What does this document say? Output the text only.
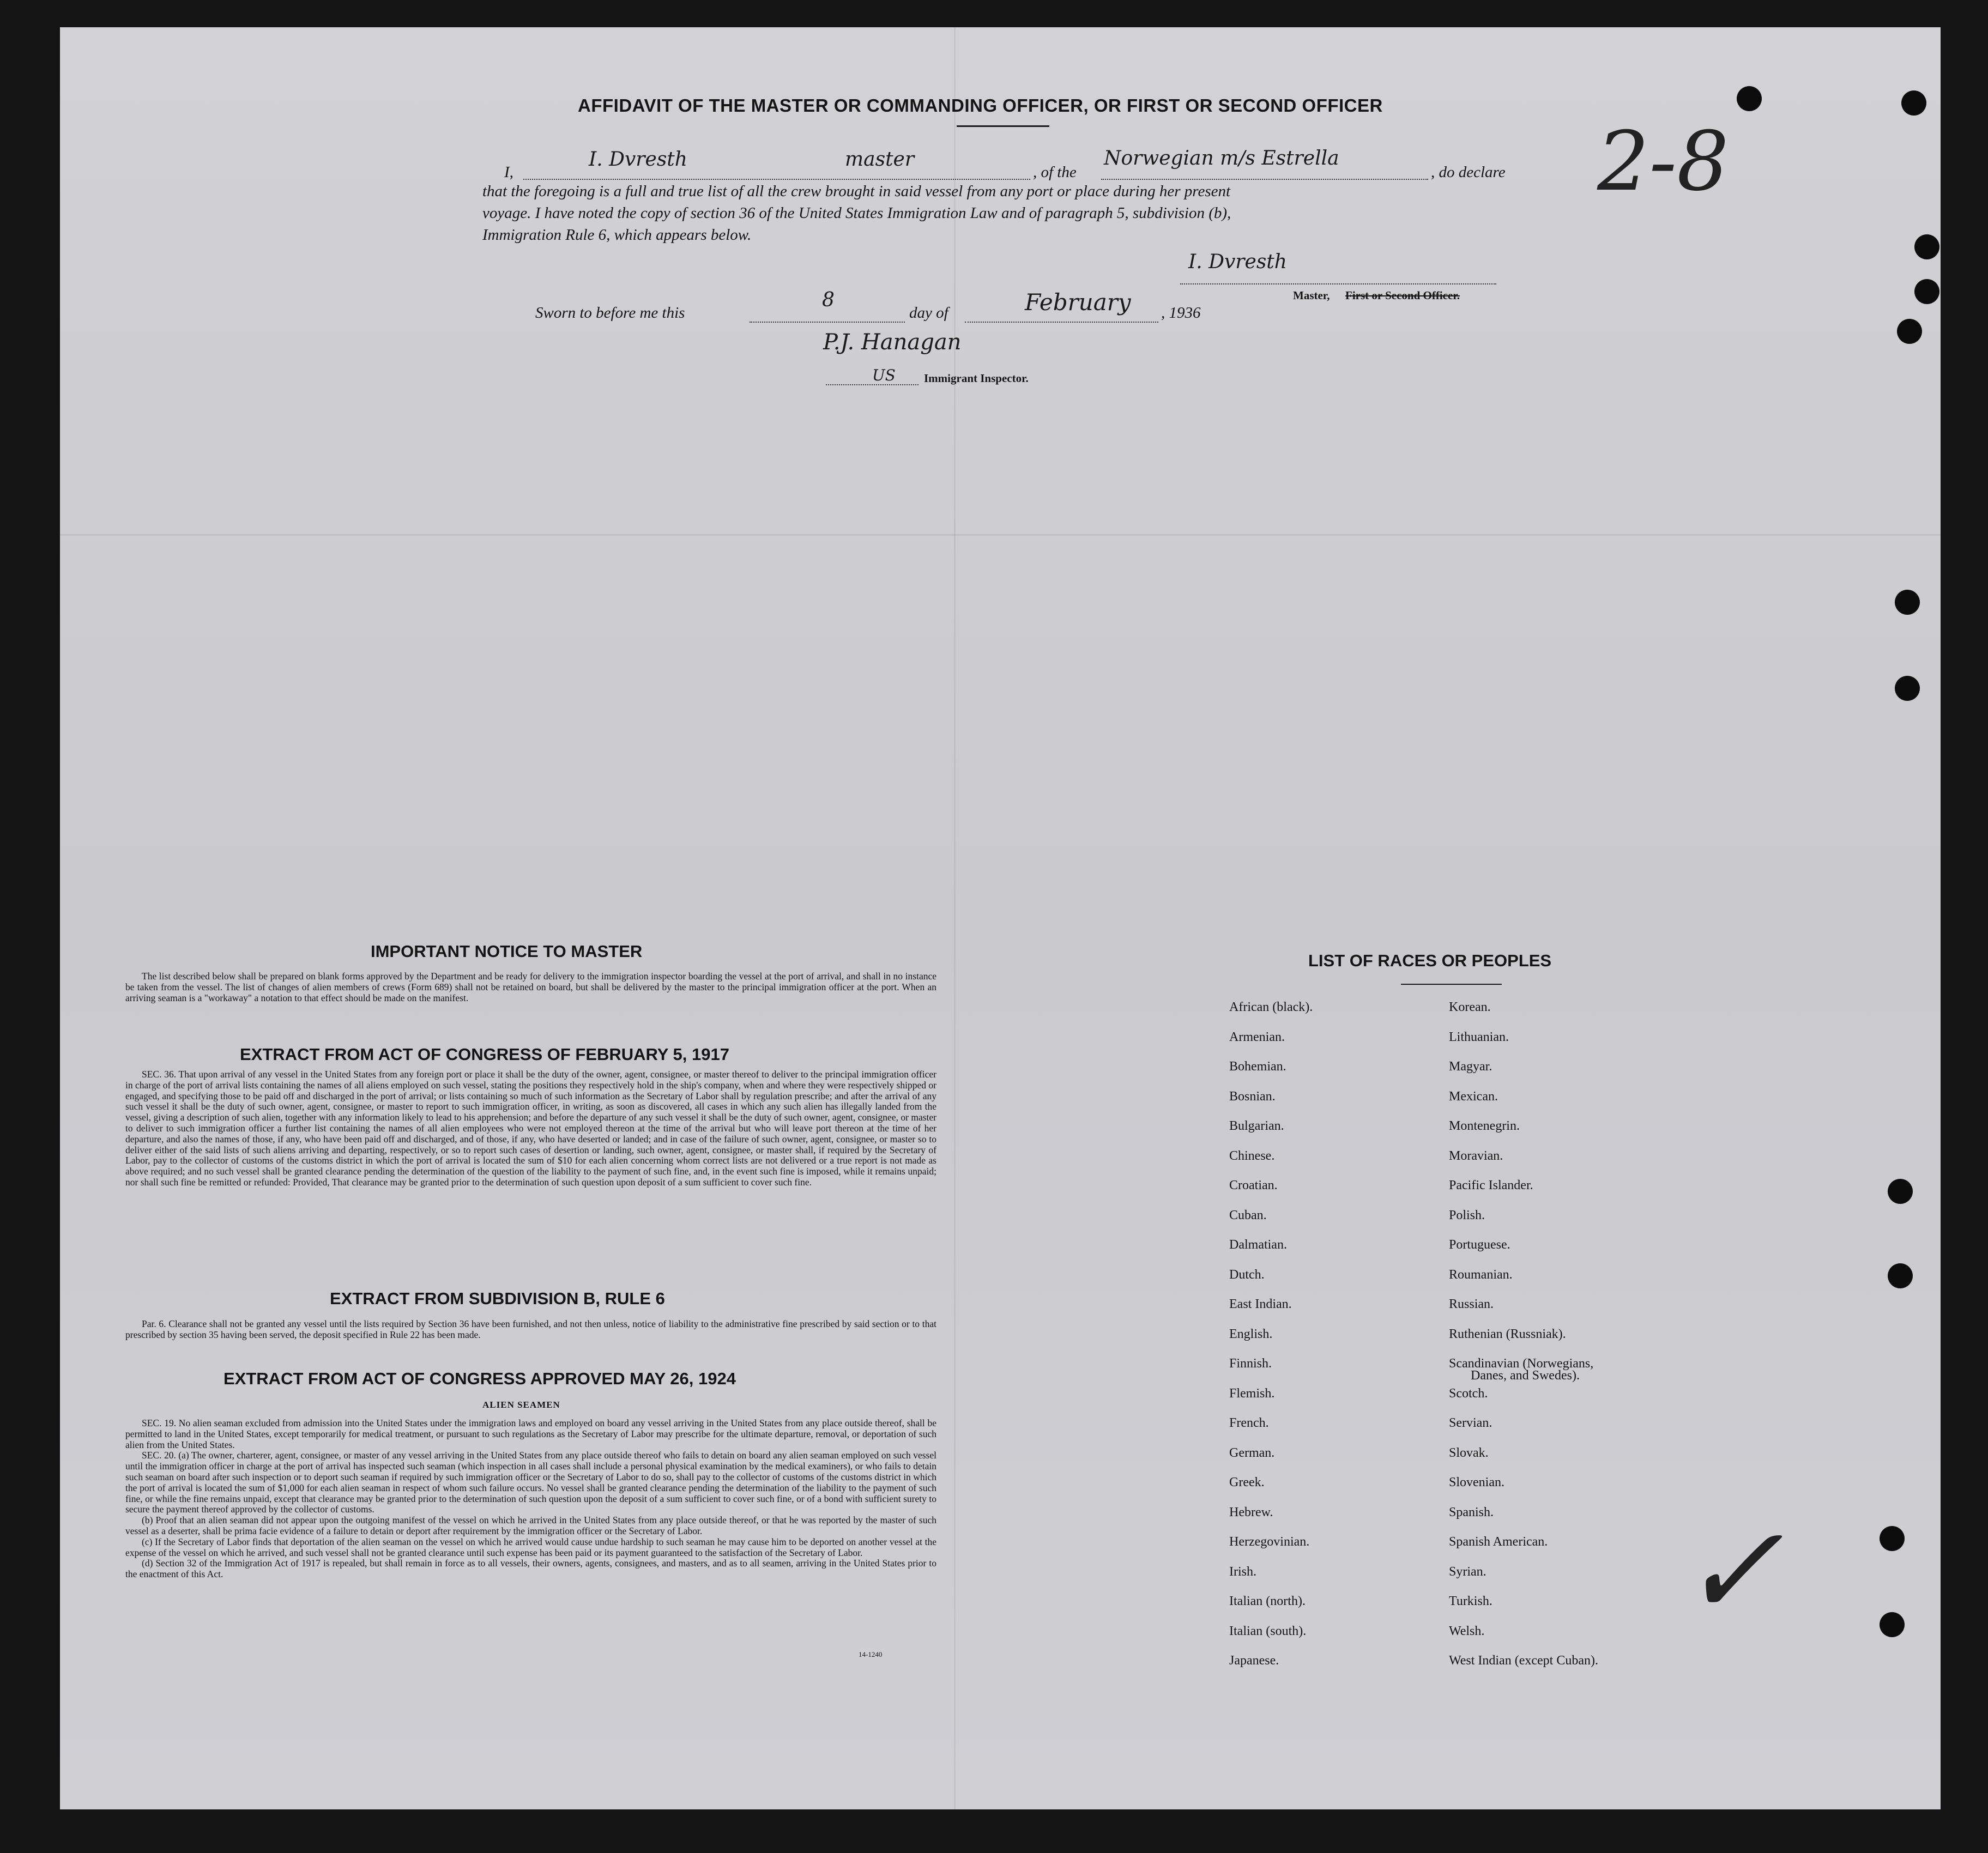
AFFIDAVIT OF THE MASTER OR COMMANDING OFFICER, OR FIRST OR SECOND OFFICER
I,
I. Dvresth	master
, of the
Norwegian m/s Estrella
, do declare
that the foregoing is a full and true list of all the crew brought in said vessel from any port or place during her present
voyage. I have noted the copy of section 36 of the United States Immigration Law and of paragraph 5, subdivision (b),
Immigration Rule 6, which appears below.
I. Dvresth
Master, First or Second Officer.
Sworn to before me this
8
day of	February , 1936
P.J. Hanagan
US Immigrant Inspector.
2-8
✓
IMPORTANT NOTICE TO MASTER

The list described below shall be prepared on blank forms approved by the Department and be ready for delivery to the immigration inspector boarding the vessel at the port of arrival, and shall in no instance be taken from the vessel. The list of changes of alien members of crews (Form 689) shall not be retained on board, but shall be delivered by the master to the principal immigration officer at the port. When an arriving seaman is a "workaway" a notation to that effect should be made on the manifest.

EXTRACT FROM ACT OF CONGRESS OF FEBRUARY 5, 1917

SEC. 36. That upon arrival of any vessel in the United States from any foreign port or place it shall be the duty of the owner, agent, consignee, or master thereof to deliver to the principal immigration officer in charge of the port of arrival lists containing the names of all aliens employed on such vessel, stating the positions they respectively hold in the ship's company, when and where they were respectively shipped or engaged, and specifying those to be paid off and discharged in the port of arrival; or lists containing so much of such information as the Secretary of Labor shall by regulation prescribe; and after the arrival of any such vessel it shall be the duty of such owner, agent, consignee, or master to report to such immigration officer, in writing, as soon as discovered, all cases in which any such alien has illegally landed from the vessel, giving a description of such alien, together with any information likely to lead to his apprehension; and before the departure of any such vessel it shall be the duty of such owner, agent, consignee, or master to deliver to such immigration officer a further list containing the names of all alien employees who were not employed thereon at the time of the arrival but who will leave port thereon at the time of her departure, and also the names of those, if any, who have been paid off and discharged, and of those, if any, who have deserted or landed; and in case of the failure of such owner, agent, consignee, or master so to deliver either of the said lists of such aliens arriving and departing, respectively, or so to report such cases of desertion or landing, such owner, agent, consignee, or master shall, if required by the Secretary of Labor, pay to the collector of customs of the customs district in which the port of arrival is located the sum of $10 for each alien concerning whom correct lists are not delivered or a true report is not made as above required; and no such vessel shall be granted clearance pending the determination of the question of the liability to the payment of such fine, and, in the event such fine is imposed, while it remains unpaid; nor shall such fine be remitted or refunded: Provided, That clearance may be granted prior to the determination of such question upon deposit of a sum sufficient to cover such fine.

EXTRACT FROM SUBDIVISION B, RULE 6

Par. 6. Clearance shall not be granted any vessel until the lists required by Section 36 have been furnished, and not then unless, notice of liability to the administrative fine prescribed by said section or to that prescribed by section 35 having been served, the deposit specified in Rule 22 has been made.

EXTRACT FROM ACT OF CONGRESS APPROVED MAY 26, 1924
ALIEN SEAMEN

SEC. 19. No alien seaman excluded from admission into the United States under the immigration laws and employed on board any vessel arriving in the United States from any place outside thereof, shall be permitted to land in the United States, except temporarily for medical treatment, or pursuant to such regulations as the Secretary of Labor may prescribe for the ultimate departure, removal, or deportation of such alien from the United States.

SEC. 20. (a) The owner, charterer, agent, consignee, or master of any vessel arriving in the United States from any place outside thereof who fails to detain on board any alien seaman employed on such vessel until the immigration officer in charge at the port of arrival has inspected such seaman (which inspection in all cases shall include a personal physical examination by the medical examiners), or who fails to detain such seaman on board after such inspection or to deport such seaman if required by such immigration officer or the Secretary of Labor to do so, shall pay to the collector of customs of the customs district in which the port of arrival is located the sum of $1,000 for each alien seaman in respect of whom such failure occurs. No vessel shall be granted clearance pending the determination of the liability to the payment of such fine, or while the fine remains unpaid, except that clearance may be granted prior to the determination of such question upon the deposit of a sum sufficient to cover such fine, or of a bond with sufficient surety to secure the payment thereof approved by the collector of customs.

(b) Proof that an alien seaman did not appear upon the outgoing manifest of the vessel on which he arrived in the United States from any place outside thereof, or that he was reported by the master of such vessel as a deserter, shall be prima facie evidence of a failure to detain or deport after requirement by the immigration officer or the Secretary of Labor.

(c) If the Secretary of Labor finds that deportation of the alien seaman on the vessel on which he arrived would cause undue hardship to such seaman he may cause him to be deported on another vessel at the expense of the vessel on which he arrived, and such vessel shall not be granted clearance until such expense has been paid or its payment guaranteed to the satisfaction of the Secretary of Labor.

(d) Section 32 of the Immigration Act of 1917 is repealed, but shall remain in force as to all vessels, their owners, agents, consignees, and masters, and as to all seamen, arriving in the United States prior to the enactment of this Act.

14-1240
LIST OF RACES OR PEOPLES
African (black).
Armenian.
Bohemian.
Bosnian.
Bulgarian.
Chinese.
Croatian.
Cuban.
Dalmatian.
Dutch.
East Indian.
English.
Finnish.
Flemish.
French.
German.
Greek.
Hebrew.
Herzegovinian.
Irish.
Italian (north).
Italian (south).
Japanese.
Korean.
Lithuanian.
Magyar.
Mexican.
Montenegrin.
Moravian.
Pacific Islander.
Polish.
Portuguese.
Roumanian.
Russian.
Ruthenian (Russniak).
Scandinavian (Norwegians,
Danes, and Swedes).
Scotch.
Servian.
Slovak.
Slovenian.
Spanish.
Spanish American.
Syrian.
Turkish.
Welsh.
West Indian (except Cuban).
